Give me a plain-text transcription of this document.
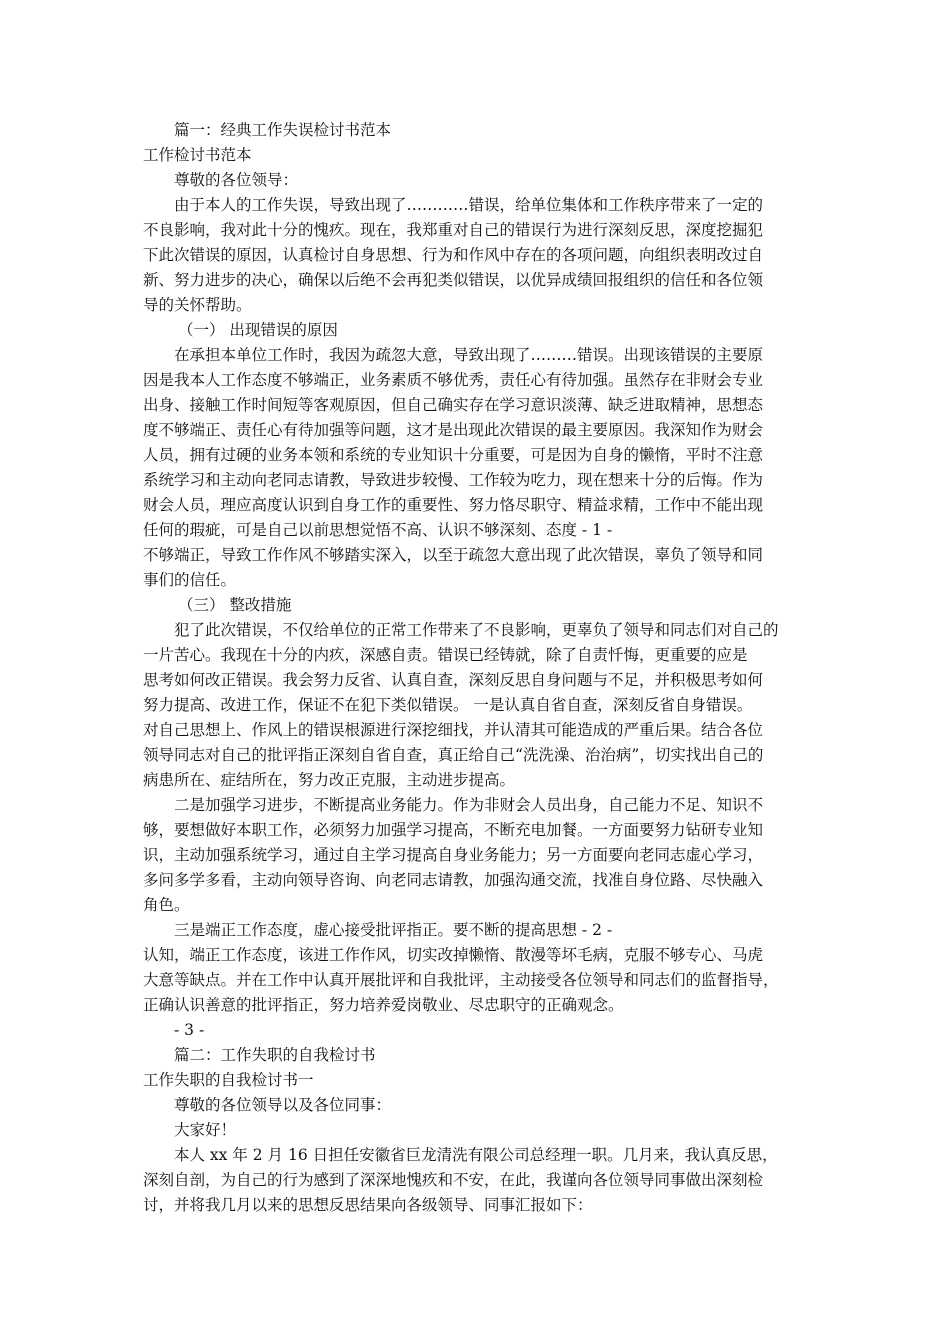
篇一：经典工作失误检讨书范本
工作检讨书范本
尊敬的各位领导：
由于本人的工作失误，导致出现了…………错误，给单位集体和工作秩序带来了一定的
不良影响，我对此十分的愧疚。现在，我郑重对自己的错误行为进行深刻反思，深度挖掘犯
下此次错误的原因，认真检讨自身思想、行为和作风中存在的各项问题，向组织表明改过自
新、努力进步的决心，确保以后绝不会再犯类似错误，以优异成绩回报组织的信任和各位领
导的关怀帮助。
（一） 出现错误的原因
在承担本单位工作时，我因为疏忽大意，导致出现了………错误。出现该错误的主要原
因是我本人工作态度不够端正，业务素质不够优秀，责任心有待加强。虽然存在非财会专业
出身、接触工作时间短等客观原因，但自己确实存在学习意识淡薄、缺乏进取精神，思想态
度不够端正、责任心有待加强等问题，这才是出现此次错误的最主要原因。我深知作为财会
人员，拥有过硬的业务本领和系统的专业知识十分重要，可是因为自身的懒惰，平时不注意
系统学习和主动向老同志请教，导致进步较慢、工作较为吃力，现在想来十分的后悔。作为
财会人员，理应高度认识到自身工作的重要性、努力恪尽职守、精益求精，工作中不能出现
任何的瑕疵，可是自己以前思想觉悟不高、认识不够深刻、态度 - 1 -
不够端正，导致工作作风不够踏实深入，以至于疏忽大意出现了此次错误，辜负了领导和同
事们的信任。
（三） 整改措施
犯了此次错误，不仅给单位的正常工作带来了不良影响，更辜负了领导和同志们对自己的
一片苦心。我现在十分的内疚，深感自责。错误已经铸就，除了自责忏悔，更重要的应是
思考如何改正错误。我会努力反省、认真自查，深刻反思自身问题与不足，并积极思考如何
努力提高、改进工作，保证不在犯下类似错误。 一是认真自省自查，深刻反省自身错误。
对自己思想上、作风上的错误根源进行深挖细找，并认清其可能造成的严重后果。结合各位
领导同志对自己的批评指正深刻自省自查，真正给自己“洗洗澡、治治病”，切实找出自己的
病患所在、症结所在，努力改正克服，主动进步提高。
二是加强学习进步，不断提高业务能力。作为非财会人员出身，自己能力不足、知识不
够，要想做好本职工作，必须努力加强学习提高，不断充电加餐。一方面要努力钻研专业知
识，主动加强系统学习，通过自主学习提高自身业务能力；另一方面要向老同志虚心学习，
多问多学多看，主动向领导咨询、向老同志请教，加强沟通交流，找准自身位路、尽快融入
角色。
三是端正工作态度，虚心接受批评指正。要不断的提高思想 - 2 -
认知，端正工作态度，该进工作作风，切实改掉懒惰、散漫等坏毛病，克服不够专心、马虎
大意等缺点。并在工作中认真开展批评和自我批评，主动接受各位领导和同志们的监督指导，
正确认识善意的批评指正，努力培养爱岗敬业、尽忠职守的正确观念。
- 3 -
篇二：工作失职的自我检讨书
工作失职的自我检讨书一
尊敬的各位领导以及各位同事：
大家好！
本人 xx 年 2 月 16 日担任安徽省巨龙清洗有限公司总经理一职。几月来，我认真反思，
深刻自剖，为自己的行为感到了深深地愧疚和不安，在此，我谨向各位领导同事做出深刻检
讨，并将我几月以来的思想反思结果向各级领导、同事汇报如下：
